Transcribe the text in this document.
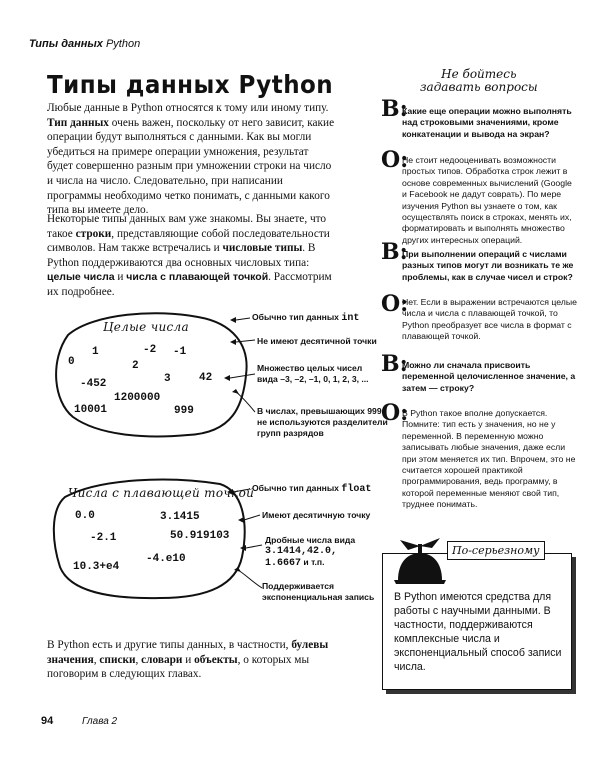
Типы данных Python
Типы данных Python
Любые данные в Python относятся к тому или иному типу. Тип данных очень важен, поскольку от него зависит, какие операции будут выполняться с данными. Как вы могли убедиться на примере операции умножения, результат будет совершенно разным при умножении строки на число и числа на число. Следовательно, при написании программы необходимо четко понимать, с данными какого типа вы имеете дело.
Некоторые типы данных вам уже знакомы. Вы знаете, что такое строки, представляющие собой последовательности символов. Нам также встречались и числовые типы. В Python поддерживаются два основных числовых типа: целые числа и числа с плавающей точкой. Рассмотрим их подробнее.
Целые числа
0
1	-2 -1
2
-452	3	42
1200000
10001	999
Обычно тип данных int
Не имеют десятичной точки
Множество целых чисел
вида –3, –2, –1, 0, 1, 2, 3, ...
В числах, превышающих 999,
не используются разделители
групп разрядов
Числа с плавающей точкой
0.0	3.1415
-2.1	50.919103
-4.e10
10.3+e4
Обычно тип данных float
Имеют десятичную точку
Дробные числа вида
3.1414,42.0,
1.6667 и т.п.
Поддерживается
экспоненциальная запись
В Python есть и другие типы данных, в частности, булевы значения, списки, словари и объекты, о которых мы поговорим в следующих главах.
Не бойтесь
задавать вопросы
В:
Какие еще операции можно выполнять над строковыми значениями, кроме конкатенации и вывода на экран?
О:
Не стоит недооценивать возможности простых типов. Обработка строк лежит в основе современных вычислений (Google и Facebook не дадут соврать). По мере изучения Python вы узнаете о том, как осуществлять поиск в строках, менять их, форматировать и выполнять множество других интересных операций.
В:
При выполнении операций с числами разных типов могут ли возникать те же проблемы, как в случае чисел и строк?
О:
Нет. Если в выражении встречаются целые числа и числа с плавающей точкой, то Python преобразует все числа в формат с плавающей точкой.
В:
Можно ли сначала присвоить переменной целочисленное значение, а затем — строку?
О:
В Python такое вполне допускается. Помните: тип есть у значения, но не у переменной. В переменную можно записывать любые значения, даже если при этом меняется их тип. Впрочем, это не считается хорошей практикой программирования, ведь программу, в которой переменные меняют свой тип, труднее понимать.
По-серьезному
В Python имеются средства для работы с научными данными. В частности, поддерживаются комплексные числа и экспоненциальный способ записи числа.
94	Глава 2
